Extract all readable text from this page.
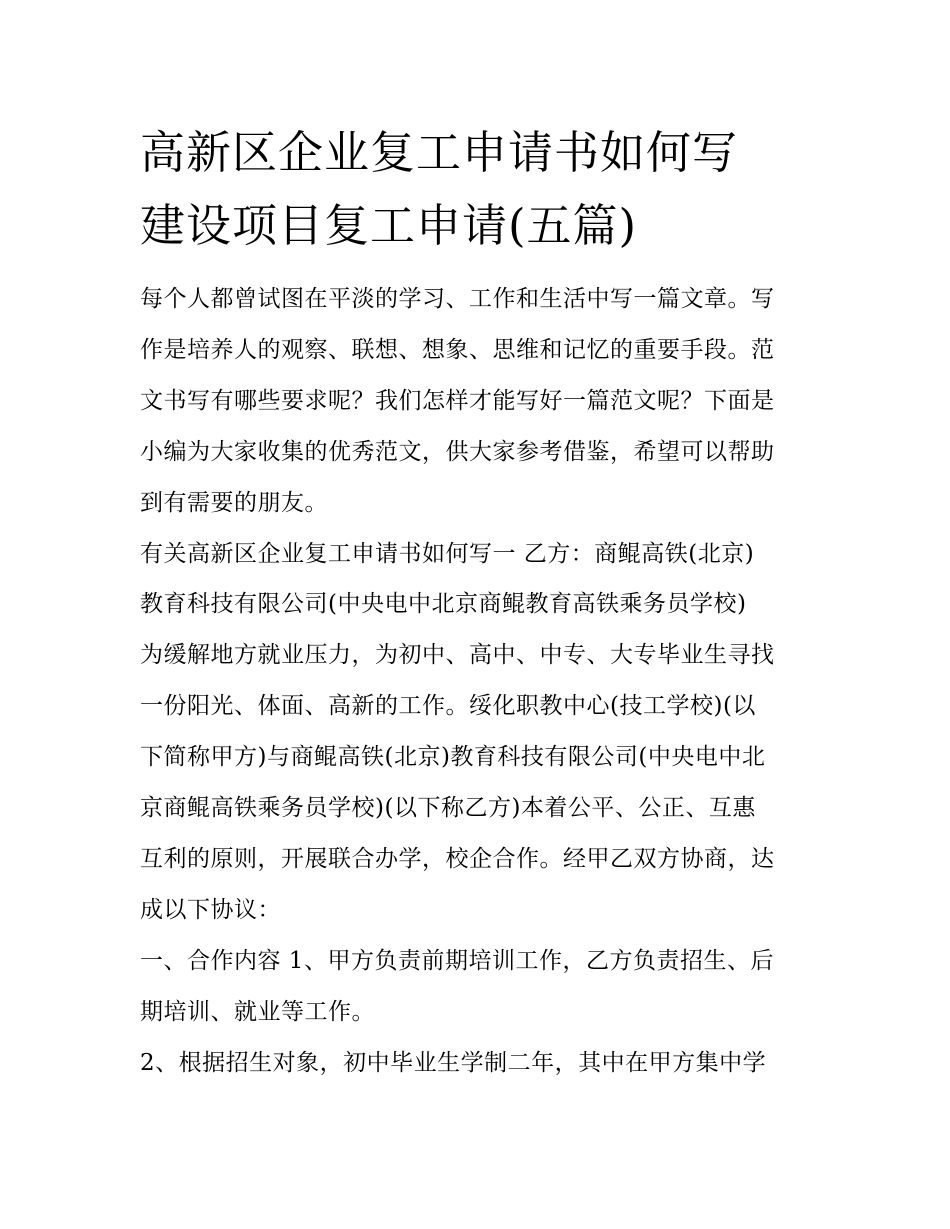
高新区企业复工申请书如何写
建设项目复工申请(五篇)

每个人都曾试图在平淡的学习、工作和生活中写一篇文章。写

作是培养人的观察、联想、想象、思维和记忆的重要手段。范

文书写有哪些要求呢？我们怎样才能写好一篇范文呢？下面是

小编为大家收集的优秀范文，供大家参考借鉴，希望可以帮助

到有需要的朋友。

有关高新区企业复工申请书如何写一 乙方：商鲲高铁(北京)

教育科技有限公司(中央电中北京商鲲教育高铁乘务员学校)

为缓解地方就业压力，为初中、高中、中专、大专毕业生寻找

一份阳光、体面、高新的工作。绥化职教中心(技工学校)(以

下简称甲方)与商鲲高铁(北京)教育科技有限公司(中央电中北

京商鲲高铁乘务员学校)(以下称乙方)本着公平、公正、互惠

互利的原则，开展联合办学，校企合作。经甲乙双方协商，达

成以下协议：

一、合作内容 1、甲方负责前期培训工作，乙方负责招生、后

期培训、就业等工作。

2、根据招生对象，初中毕业生学制二年，其中在甲方集中学
